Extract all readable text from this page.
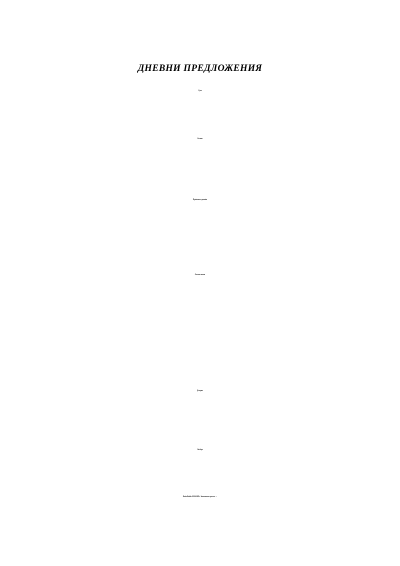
ДНЕВНИ ПРЕДЛОЖЕНИЯ
Супи
Салати
Предястия и разядки
Основни ястия
Десерти
От бара
Brain Battles 09.06.2025г. Записвания: при нас ☺
